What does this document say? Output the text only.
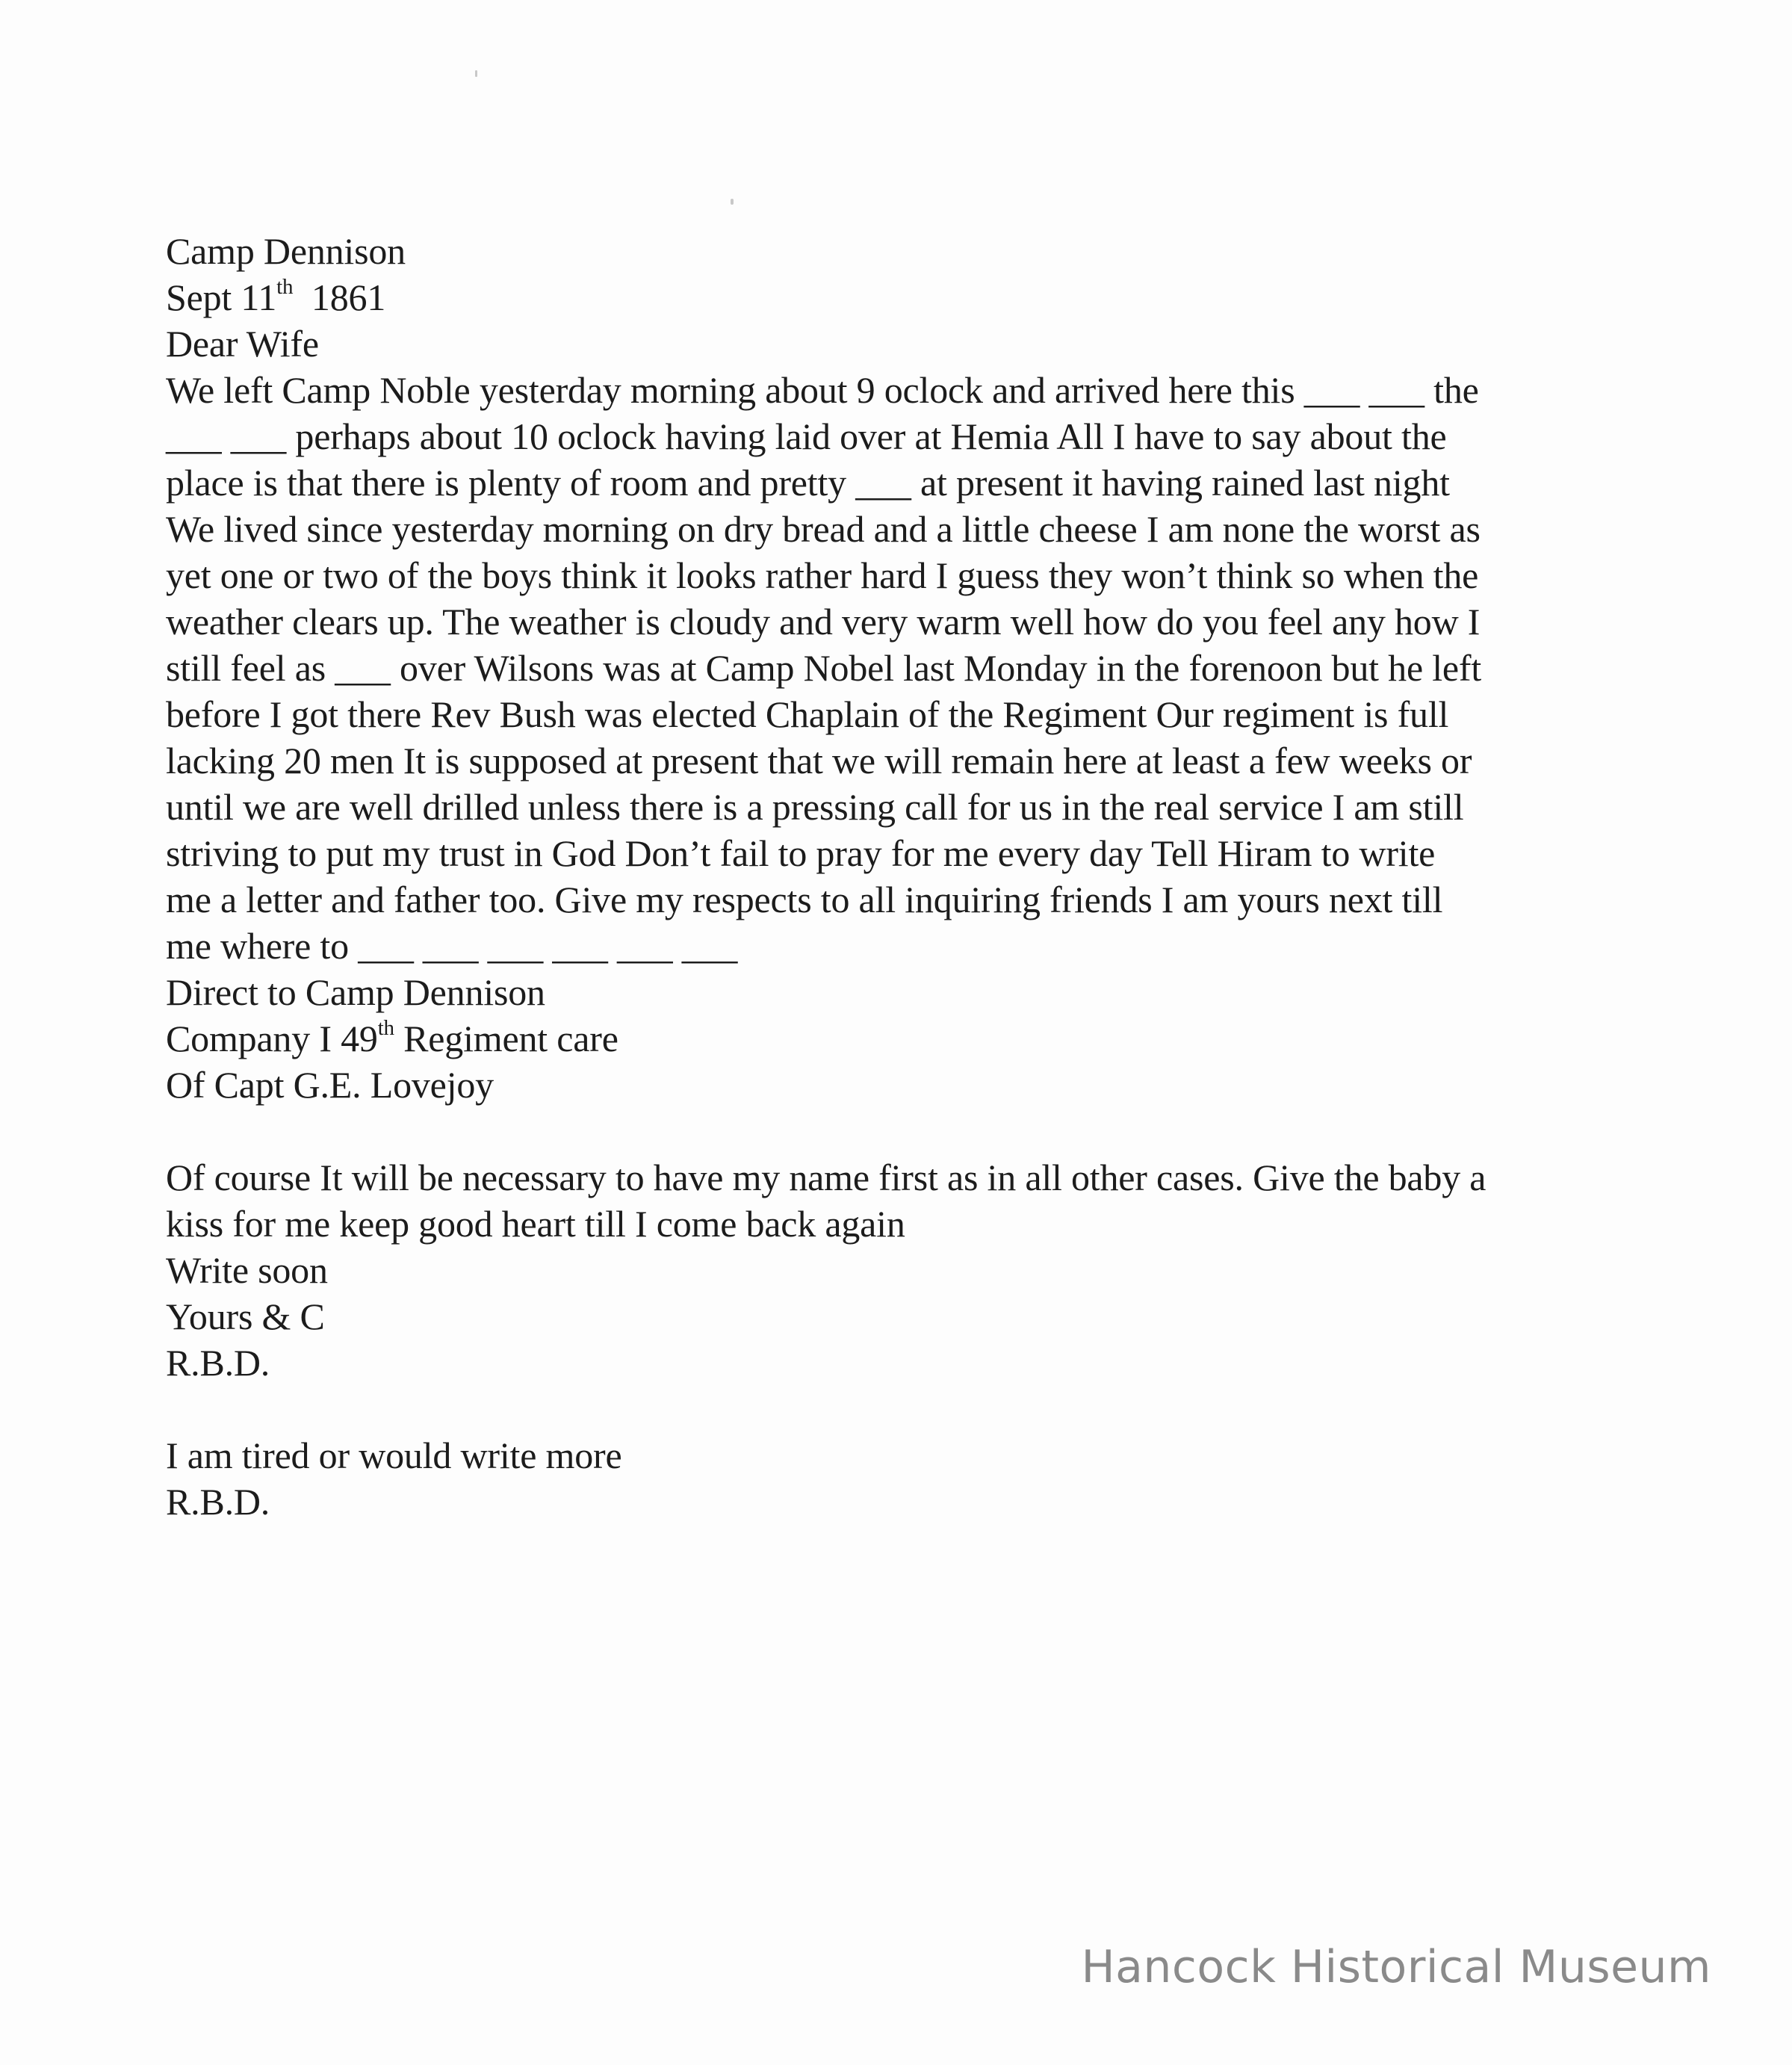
Camp Dennison
Sept 11th 1861
Dear Wife
We left Camp Noble yesterday morning about 9 oclock and arrived here this ___ ___ the
___ ___ perhaps about 10 oclock having laid over at Hemia All I have to say about the
place is that there is plenty of room and pretty ___ at present it having rained last night
We lived since yesterday morning on dry bread and a little cheese I am none the worst as
yet one or two of the boys think it looks rather hard I guess they won’t think so when the
weather clears up. The weather is cloudy and very warm well how do you feel any how I
still feel as ___ over Wilsons was at Camp Nobel last Monday in the forenoon but he left
before I got there Rev Bush was elected Chaplain of the Regiment Our regiment is full
lacking 20 men It is supposed at present that we will remain here at least a few weeks or
until we are well drilled unless there is a pressing call for us in the real service I am still
striving to put my trust in God Don’t fail to pray for me every day Tell Hiram to write
me a letter and father too. Give my respects to all inquiring friends I am yours next till
me where to ___ ___ ___ ___ ___ ___
Direct to Camp Dennison
Company I 49th Regiment care
Of Capt G.E. Lovejoy
Of course It will be necessary to have my name first as in all other cases. Give the baby a
kiss for me keep good heart till I come back again
Write soon
Yours & C
R.B.D.
I am tired or would write more
R.B.D.
Hancock Historical Museum
